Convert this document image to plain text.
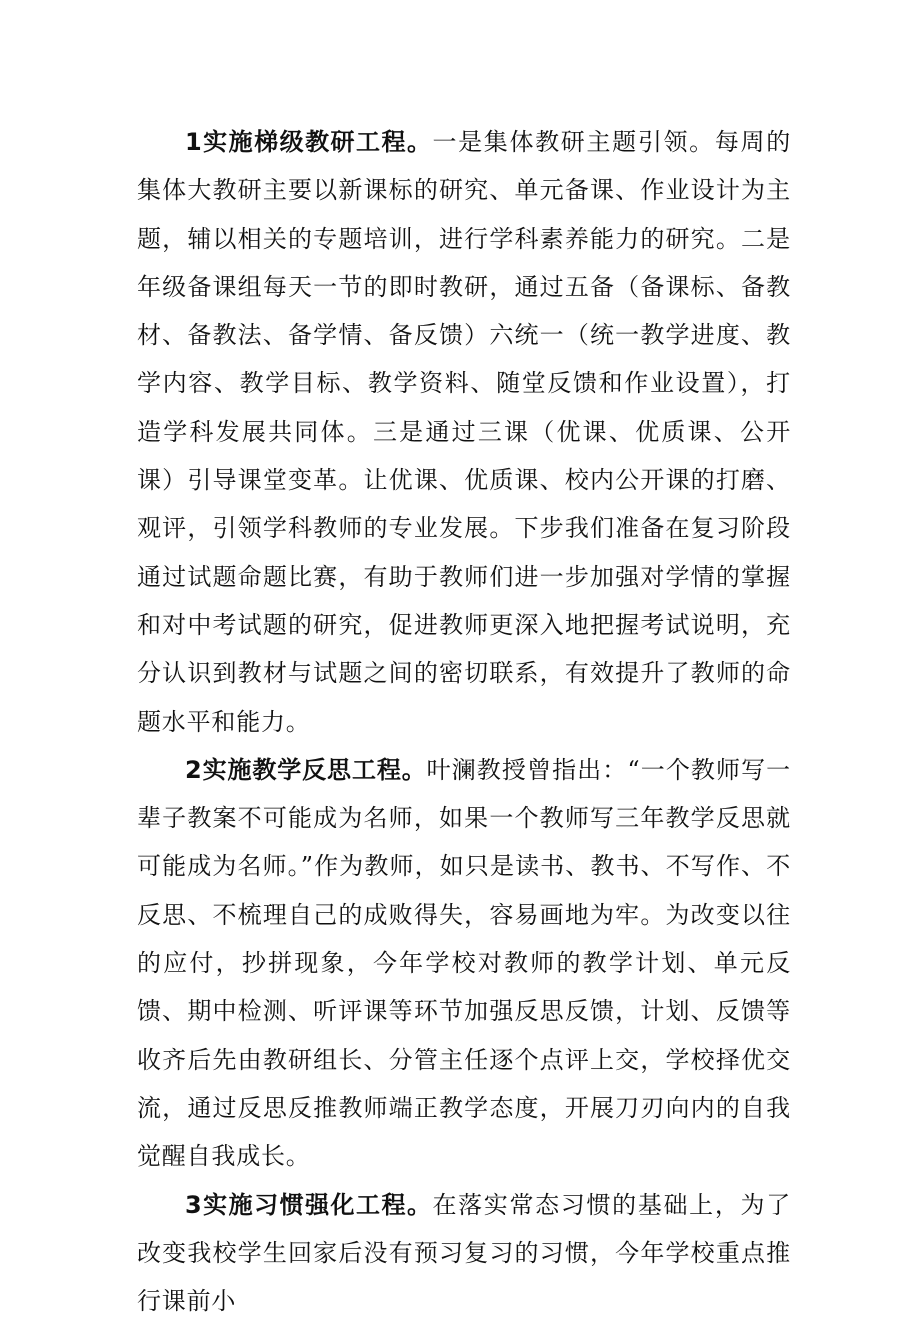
1实施梯级教研工程。一是集体教研主题引领。每周的集体大教研主要以新课标的研究、单元备课、作业设计为主题，辅以相关的专题培训，进行学科素养能力的研究。二是年级备课组每天一节的即时教研，通过五备（备课标、备教材、备教法、备学情、备反馈）六统一（统一教学进度、教学内容、教学目标、教学资料、随堂反馈和作业设置），打造学科发展共同体。三是通过三课（优课、优质课、公开课）引导课堂变革。让优课、优质课、校内公开课的打磨、观评，引领学科教师的专业发展。下步我们准备在复习阶段通过试题命题比赛，有助于教师们进一步加强对学情的掌握和对中考试题的研究，促进教师更深入地把握考试说明，充分认识到教材与试题之间的密切联系，有效提升了教师的命题水平和能力。

2实施教学反思工程。叶澜教授曾指出：“一个教师写一辈子教案不可能成为名师，如果一个教师写三年教学反思就可能成为名师。”作为教师，如只是读书、教书、不写作、不反思、不梳理自己的成败得失，容易画地为牢。为改变以往的应付，抄拼现象，今年学校对教师的教学计划、单元反馈、期中检测、听评课等环节加强反思反馈，计划、反馈等收齐后先由教研组长、分管主任逐个点评上交，学校择优交流，通过反思反推教师端正教学态度，开展刀刃向内的自我觉醒自我成长。

3实施习惯强化工程。在落实常态习惯的基础上，为了改变我校学生回家后没有预习复习的习惯，今年学校重点推行课前小
